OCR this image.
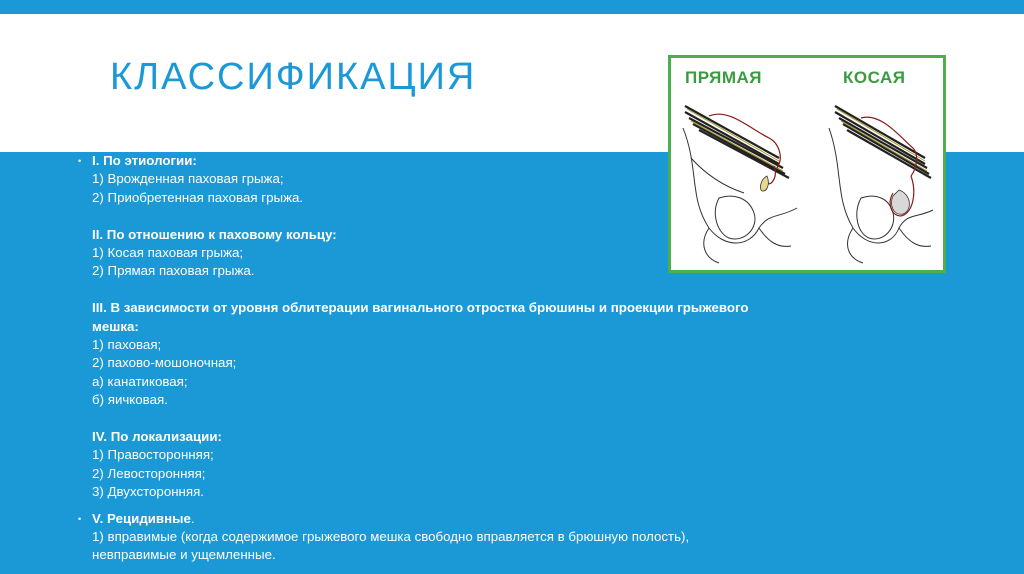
КЛАССИФИКАЦИЯ	ПРЯМАЯ	КОСАЯ
• I. По этиологии:
1) Врожденная паховая грыжа;
2) Приобретенная паховая грыжа.
II. По отношению к паховому кольцу:
1) Косая паховая грыжа;
2) Прямая паховая грыжа.
III. В зависимости от уровня облитерации вагинального отростка брюшины и проекции грыжевого
мешка:
1) паховая;
2) пахово-мошоночная;
а) канатиковая;
б) яичковая.
IV. По локализации:
1) Правосторонняя;
2) Левосторонняя;
3) Двухсторонняя.
• V. Рецидивные.
1) вправимые (когда содержимое грыжевого мешка свободно вправляется в брюшную полость),
невправимые и ущемленные.
